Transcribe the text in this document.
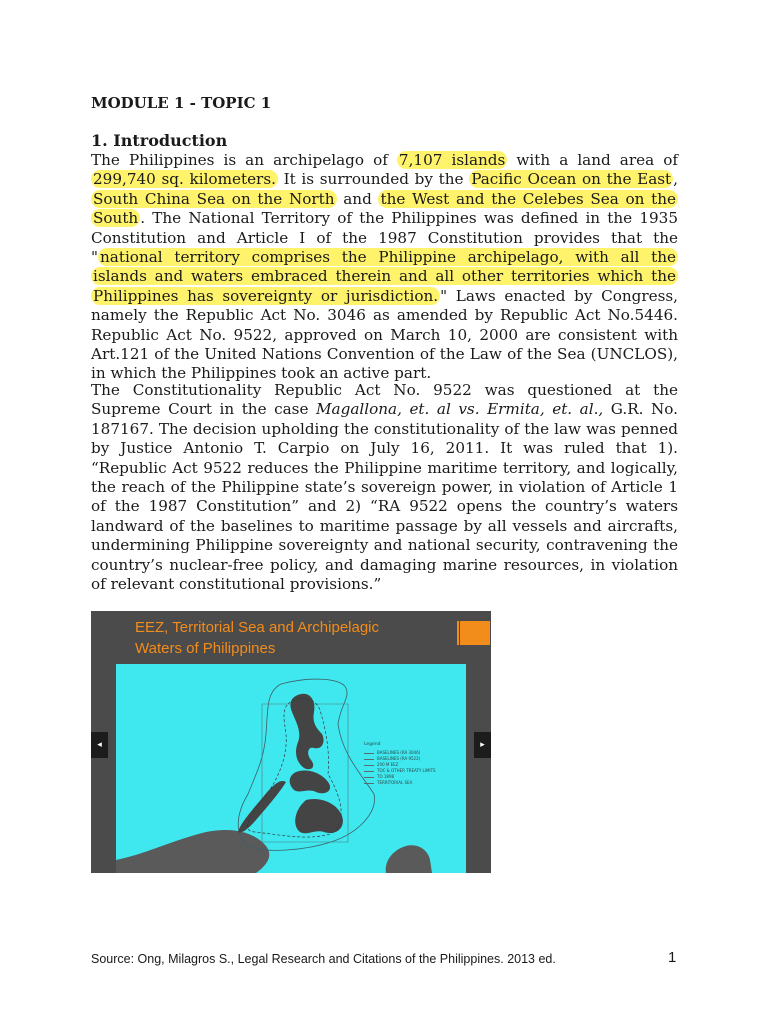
MODULE 1 - TOPIC 1
1. Introduction

The Philippines is an archipelago of 7,107 islands with a land area of 299,740 sq. kilometers. It is surrounded by the Pacific Ocean on the East , South China Sea on the North and the West and the Celebes Sea on the South . The National Territory of the Philippines was defined in the 1935 Constitution and Article I of the 1987 Constitution provides that the " national territory comprises the Philippine archipelago, with all the islands and waters embraced therein and all other territories which the Philippines has sovereignty or jurisdiction. " Laws enacted by Congress, namely the Republic Act No. 3046 as amended by Republic Act No.5446. Republic Act No. 9522, approved on March 10, 2000 are consistent with Art.121 of the United Nations Convention of the Law of the Sea (UNCLOS), in which the Philippines took an active part.

The Constitutionality Republic Act No. 9522 was questioned at the Supreme Court in the case Magallona, et. al vs. Ermita, et. al., G.R. No. 187167. The decision upholding the constitutionality of the law was penned by Justice Antonio T. Carpio on July 16, 2011. It was ruled that 1). “Republic Act 9522 reduces the Philippine maritime territory, and logically, the reach of the Philippine state’s sovereign power, in violation of Article 1 of the 1987 Constitution” and 2) “RA 9522 opens the country’s waters landward of the baselines to maritime passage by all vessels and aircrafts, undermining Philippine sovereignty and national security, contravening the country’s nuclear-free policy, and damaging marine resources, in violation of relevant constitutional provisions.”

EEZ, Territorial Sea and Archipelagic
Waters of Philippines
Legend
BASELINES (RA 3046)
BASELINES (RA 9522)
200 M EEZ
TOC & OTHER TREATY LIMITS
TO 1898
TERRITORIAL SEA
◂	▸
Source: Ong, Milagros S., Legal Research and Citations of the Philippines. 2013 ed.	1
